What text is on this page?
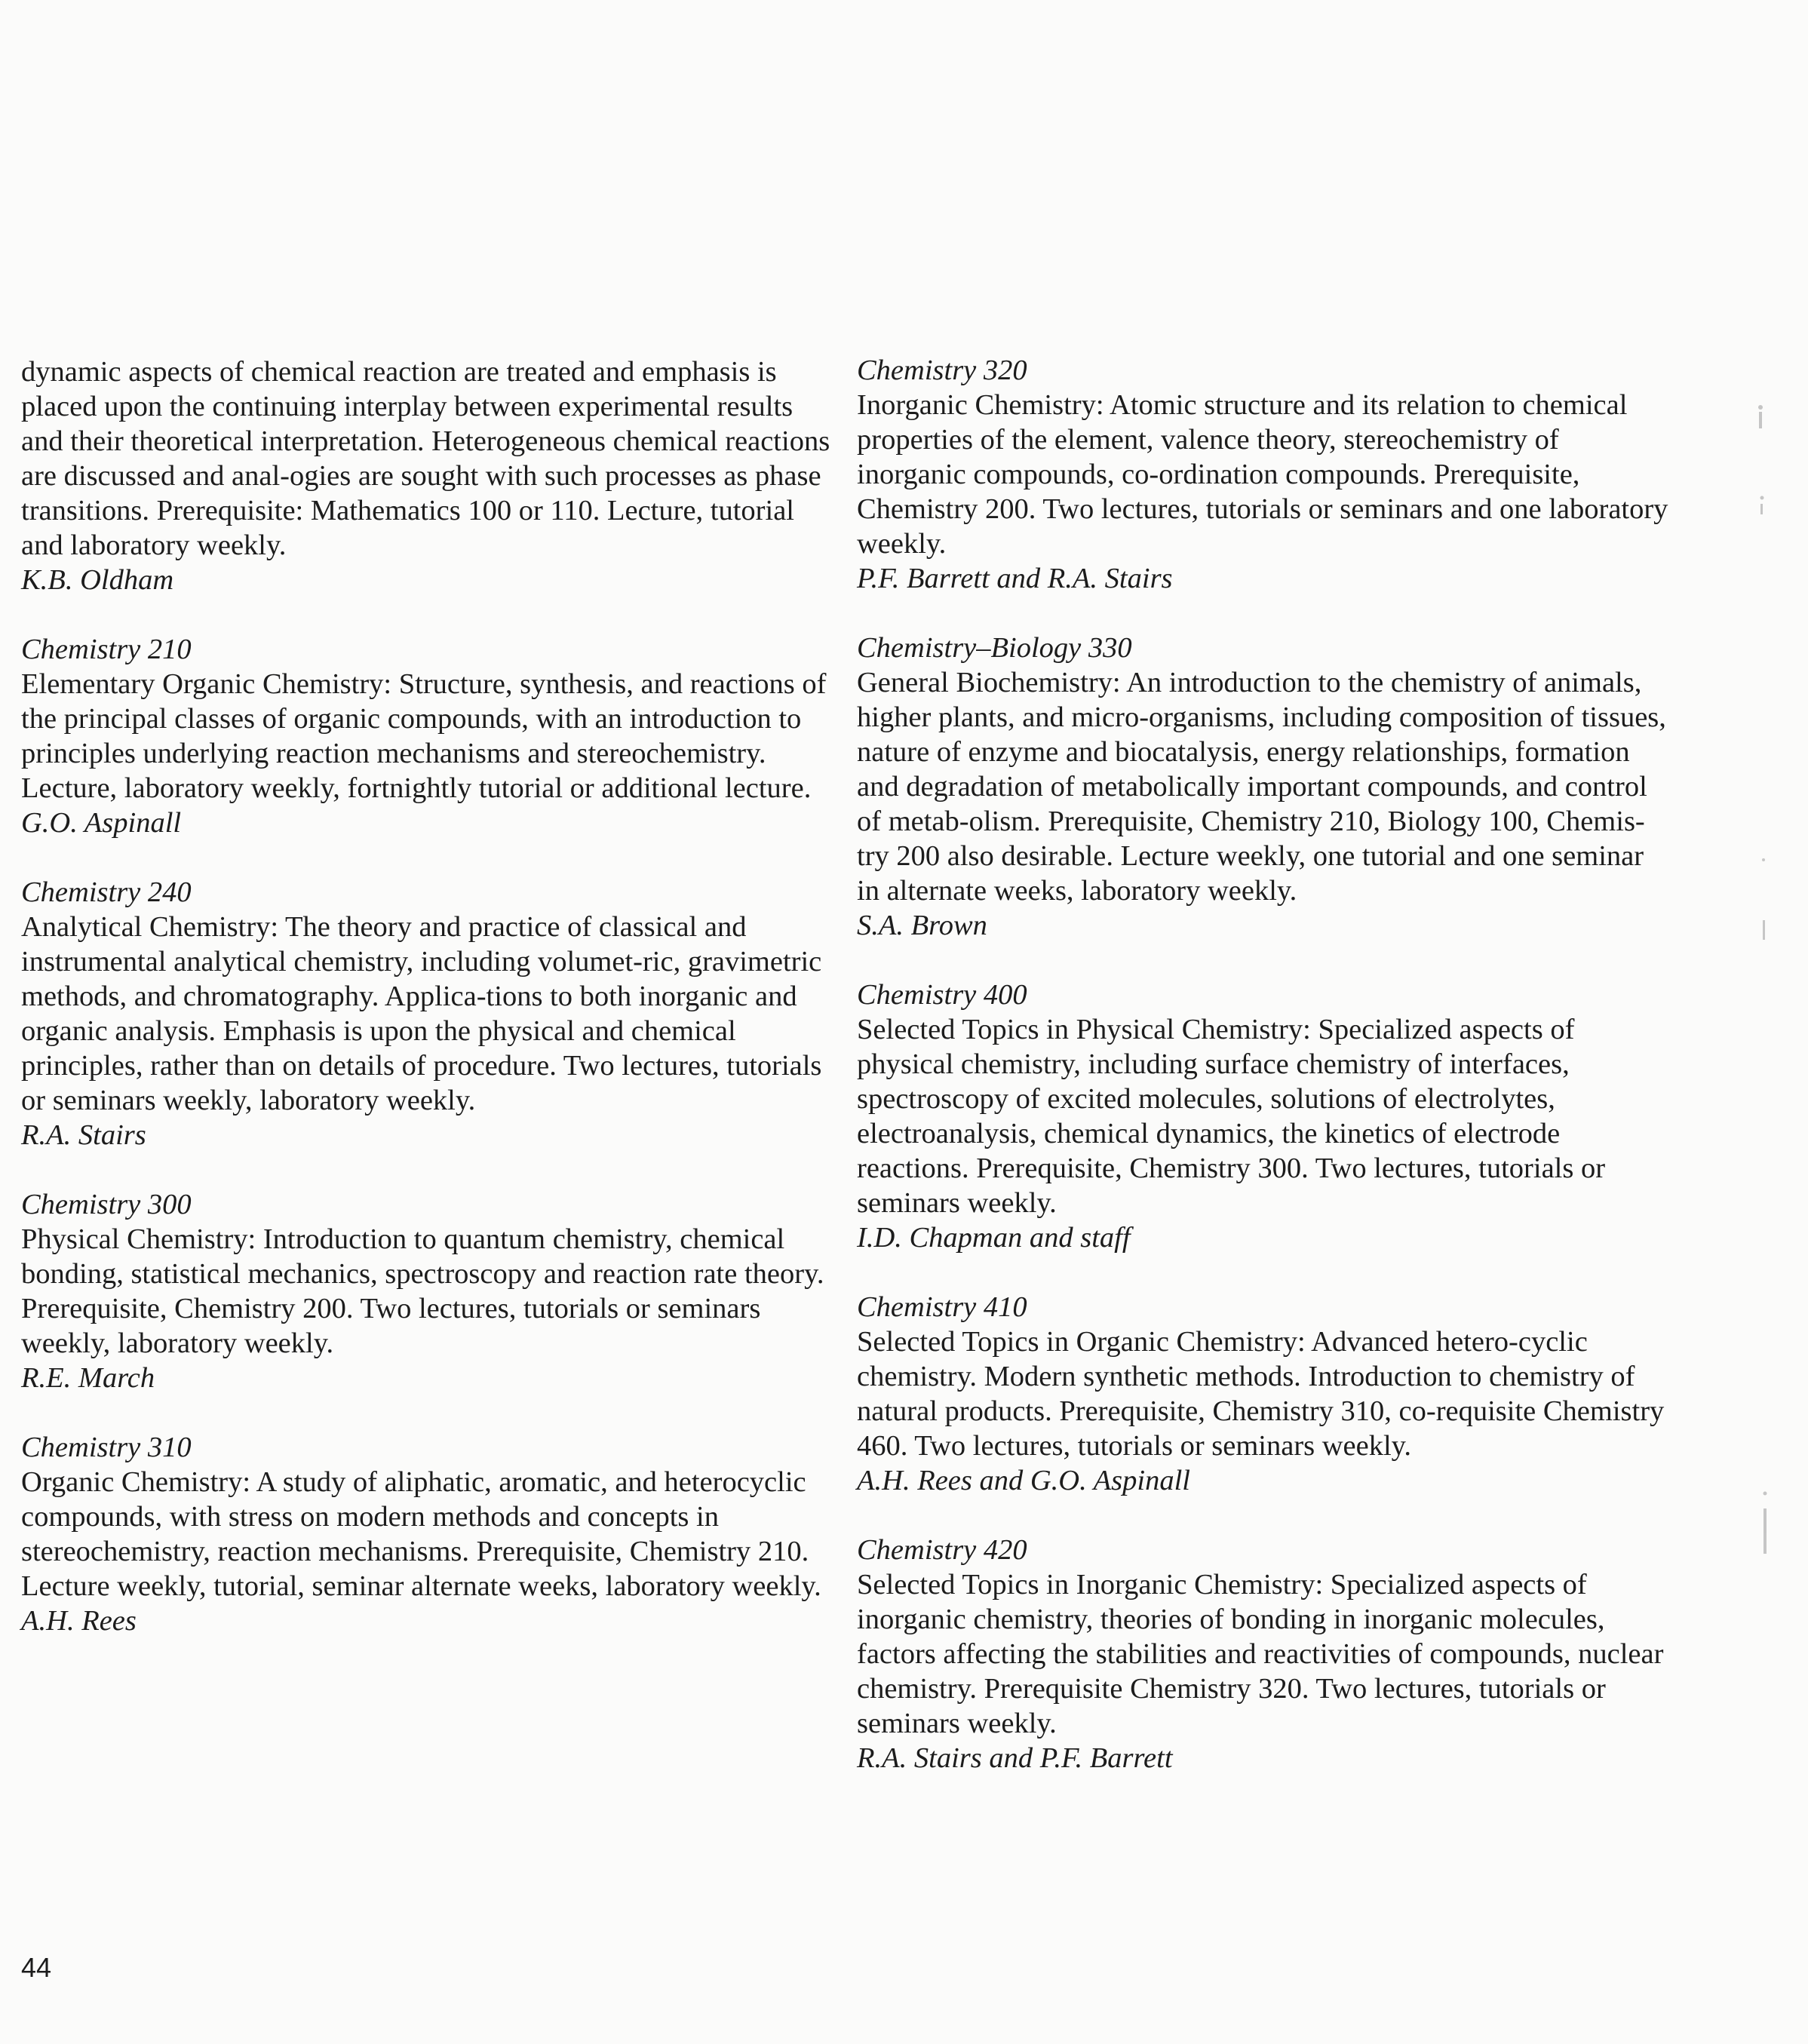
dynamic aspects of chemical reaction are treated and emphasis is placed upon the continuing interplay between experimental results and their theoretical interpretation. Heterogeneous chemical reactions are discussed and anal-ogies are sought with such processes as phase transitions. Prerequisite: Mathematics 100 or 110. Lecture, tutorial and laboratory weekly.

K.B. Oldham

Chemistry 210

Elementary Organic Chemistry: Structure, synthesis, and reactions of the principal classes of organic compounds, with an introduction to principles underlying reaction mechanisms and stereochemistry. Lecture, laboratory weekly, fortnightly tutorial or additional lecture.

G.O. Aspinall

Chemistry 240

Analytical Chemistry: The theory and practice of classical and instrumental analytical chemistry, including volumet-ric, gravimetric methods, and chromatography. Applica-tions to both inorganic and organic analysis. Emphasis is upon the physical and chemical principles, rather than on details of procedure. Two lectures, tutorials or seminars weekly, laboratory weekly.

R.A. Stairs

Chemistry 300

Physical Chemistry: Introduction to quantum chemistry, chemical bonding, statistical mechanics, spectroscopy and reaction rate theory. Prerequisite, Chemistry 200. Two lectures, tutorials or seminars weekly, laboratory weekly.

R.E. March

Chemistry 310

Organic Chemistry: A study of aliphatic, aromatic, and heterocyclic compounds, with stress on modern methods and concepts in stereochemistry, reaction mechanisms. Prerequisite, Chemistry 210. Lecture weekly, tutorial, seminar alternate weeks, laboratory weekly.

A.H. Rees

Chemistry 320

Inorganic Chemistry: Atomic structure and its relation to chemical properties of the element, valence theory, stereochemistry of inorganic compounds, co-ordination compounds. Prerequisite, Chemistry 200. Two lectures, tutorials or seminars and one laboratory weekly.

P.F. Barrett and R.A. Stairs

Chemistry–Biology 330

General Biochemistry: An introduction to the chemistry of animals, higher plants, and micro-organisms, including composition of tissues, nature of enzyme and biocatalysis, energy relationships, formation and degradation of metabolically important compounds, and control of metab-olism. Prerequisite, Chemistry 210, Biology 100, Chemis-try 200 also desirable. Lecture weekly, one tutorial and one seminar in alternate weeks, laboratory weekly.

S.A. Brown

Chemistry 400

Selected Topics in Physical Chemistry: Specialized aspects of physical chemistry, including surface chemistry of interfaces, spectroscopy of excited molecules, solutions of electrolytes, electroanalysis, chemical dynamics, the kinetics of electrode reactions. Prerequisite, Chemistry 300. Two lectures, tutorials or seminars weekly.

I.D. Chapman and staff

Chemistry 410

Selected Topics in Organic Chemistry: Advanced hetero-cyclic chemistry. Modern synthetic methods. Introduction to chemistry of natural products. Prerequisite, Chemistry 310, co-requisite Chemistry 460. Two lectures, tutorials or seminars weekly.

A.H. Rees and G.O. Aspinall

Chemistry 420

Selected Topics in Inorganic Chemistry: Specialized aspects of inorganic chemistry, theories of bonding in inorganic molecules, factors affecting the stabilities and reactivities of compounds, nuclear chemistry. Prerequisite Chemistry 320. Two lectures, tutorials or seminars weekly.

R.A. Stairs and P.F. Barrett

44
